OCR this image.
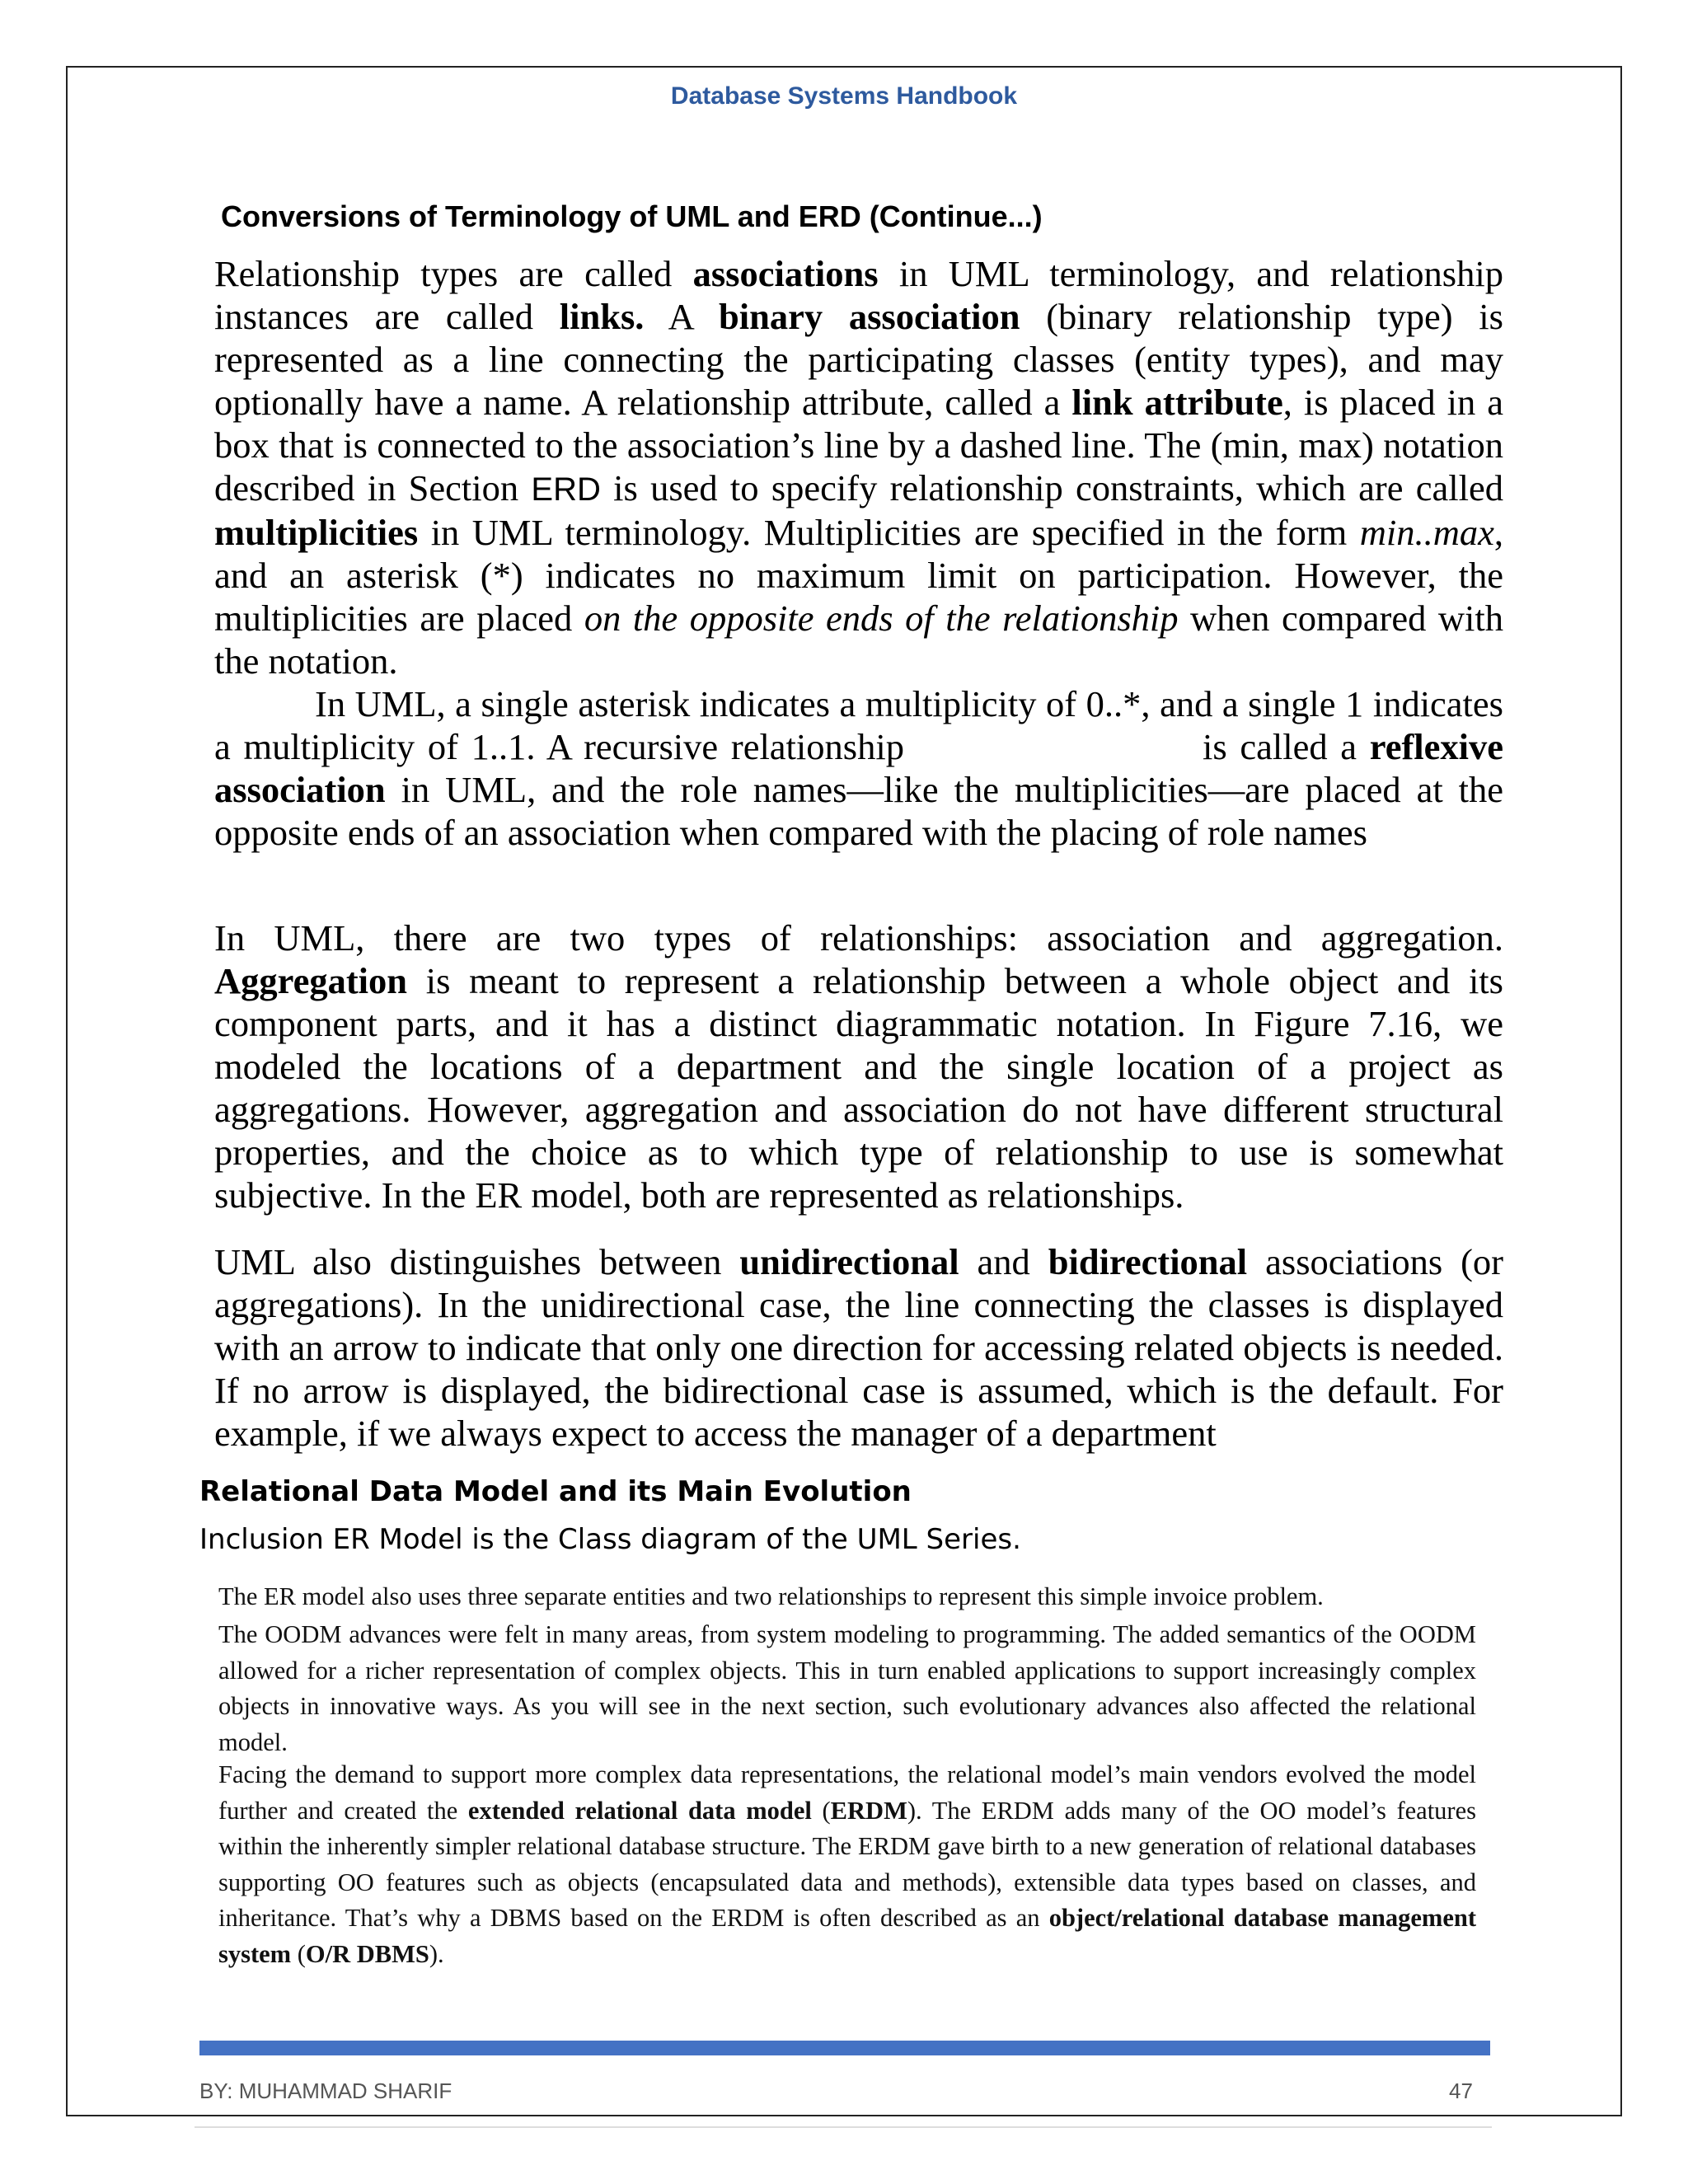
Database Systems Handbook
Conversions of Terminology of UML and ERD (Continue...)

Relationship types are called associations in UML terminology, and relationship instances are called links. A binary association (binary relationship type) is represented as a line connecting the participating classes (entity types), and may optionally have a name. A relationship attribute, called a link attribute, is placed in a box that is connected to the association’s line by a dashed line. The (min, max) notation described in Section ERD is used to specify relationship constraints, which are called multiplicities in UML terminology. Multiplicities are specified in the form min..max, and an asterisk (*) indicates no maximum limit on participation. However, the multiplicities are placed on the opposite ends of the relationship when compared with the notation.

In UML, a single asterisk indicates a multiplicity of 0..*, and a single 1 indicates a multiplicity of 1..1. A recursive relationship	is called a reflexive association in UML, and the role names—like the multiplicities—are placed at the opposite ends of an association when compared with the placing of role names

In UML, there are two types of relationships: association and aggregation. Aggregation is meant to represent a relationship between a whole object and its component parts, and it has a distinct diagrammatic notation. In Figure 7.16, we modeled the locations of a department and the single location of a project as aggregations. However, aggregation and association do not have different structural properties, and the choice as to which type of relationship to use is somewhat subjective. In the ER model, both are represented as relationships.

UML also distinguishes between unidirectional and bidirectional associations (or aggregations). In the unidirectional case, the line connecting the classes is displayed with an arrow to indicate that only one direction for accessing related objects is needed. If no arrow is displayed, the bidirectional case is assumed, which is the default. For example, if we always expect to access the manager of a department

Relational Data Model and its Main Evolution
Inclusion ER Model is the Class diagram of the UML Series.

The ER model also uses three separate entities and two relationships to represent this simple invoice problem.

The OODM advances were felt in many areas, from system modeling to programming. The added semantics of the OODM allowed for a richer representation of complex objects. This in turn enabled applications to support increasingly complex objects in innovative ways. As you will see in the next section, such evolutionary advances also affected the relational model.

Facing the demand to support more complex data representations, the relational model’s main vendors evolved the model further and created the extended relational data model (ERDM). The ERDM adds many of the OO model’s features within the inherently simpler relational database structure. The ERDM gave birth to a new generation of relational databases supporting OO features such as objects (encapsulated data and methods), extensible data types based on classes, and inheritance. That’s why a DBMS based on the ERDM is often described as an object/relational database management system (O/R DBMS).

BY: MUHAMMAD SHARIF	47
